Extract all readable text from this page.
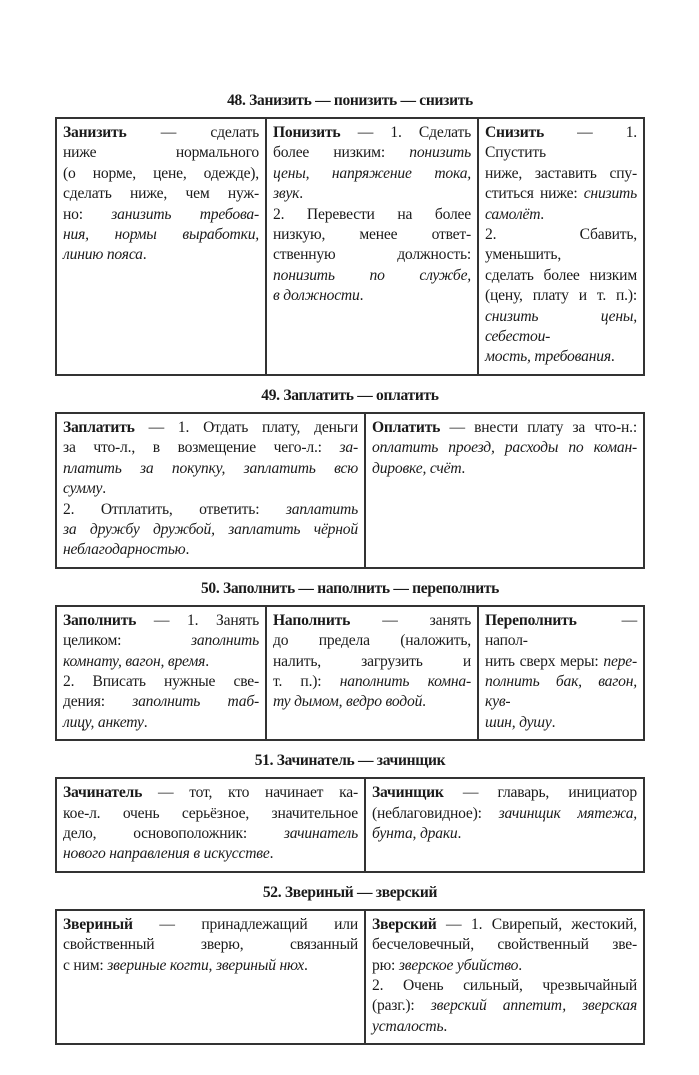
48. Занизить — понизить — снизить
Занизить — сделать
ниже нормального
(о норме, цене, одежде),
сделать ниже, чем нуж-
но: занизить требова-
ния, нормы выработки,
линию пояса.

Понизить — 1. Сделать
более низким: понизить
цены, напряжение тока,
звук.
2. Перевести на более
низкую, менее ответ-
ственную должность:
понизить по службе,
в должности.

Снизить — 1. Спустить
ниже, заставить спу-
ститься ниже: снизить
самолёт.
2. Сбавить, уменьшить,
сделать более низким
(цену, плату и т. п.):
снизить цены, себестои-
мость, требования.
49. Заплатить — оплатить
Заплатить — 1. Отдать плату, деньги
за что-л., в возмещение чего-л.: за-
платить за покупку, заплатить всю
сумму.
2. Отплатить, ответить: заплатить
за дружбу дружбой, заплатить чёрной
неблагодарностью.

Оплатить — внести плату за что-н.:
оплатить проезд, расходы по коман-
дировке, счёт.
50. Заполнить — наполнить — переполнить
Заполнить — 1. Занять
целиком: заполнить
комнату, вагон, время.
2. Вписать нужные све-
дения: заполнить таб-
лицу, анкету.

Наполнить — занять
до предела (наложить,
налить, загрузить и
т. п.): наполнить комна-
ту дымом, ведро водой.

Переполнить — напол-
нить сверх меры: пере-
полнить бак, вагон, кув-
шин, душу.
51. Зачинатель — зачинщик
Зачинатель — тот, кто начинает ка-
кое-л. очень серьёзное, значительное
дело, основоположник: зачинатель
нового направления в искусстве.

Зачинщик — главарь, инициатор
(неблаговидное): зачинщик мятежа,
бунта, драки.
52. Звериный — зверский
Звериный — принадлежащий или
свойственный зверю, связанный
с ним: звериные когти, звериный нюх.

Зверский — 1. Свирепый, жестокий,
бесчеловечный, свойственный зве-
рю: зверское убийство.
2. Очень сильный, чрезвычайный
(разг.): зверский аппетит, зверская
усталость.
